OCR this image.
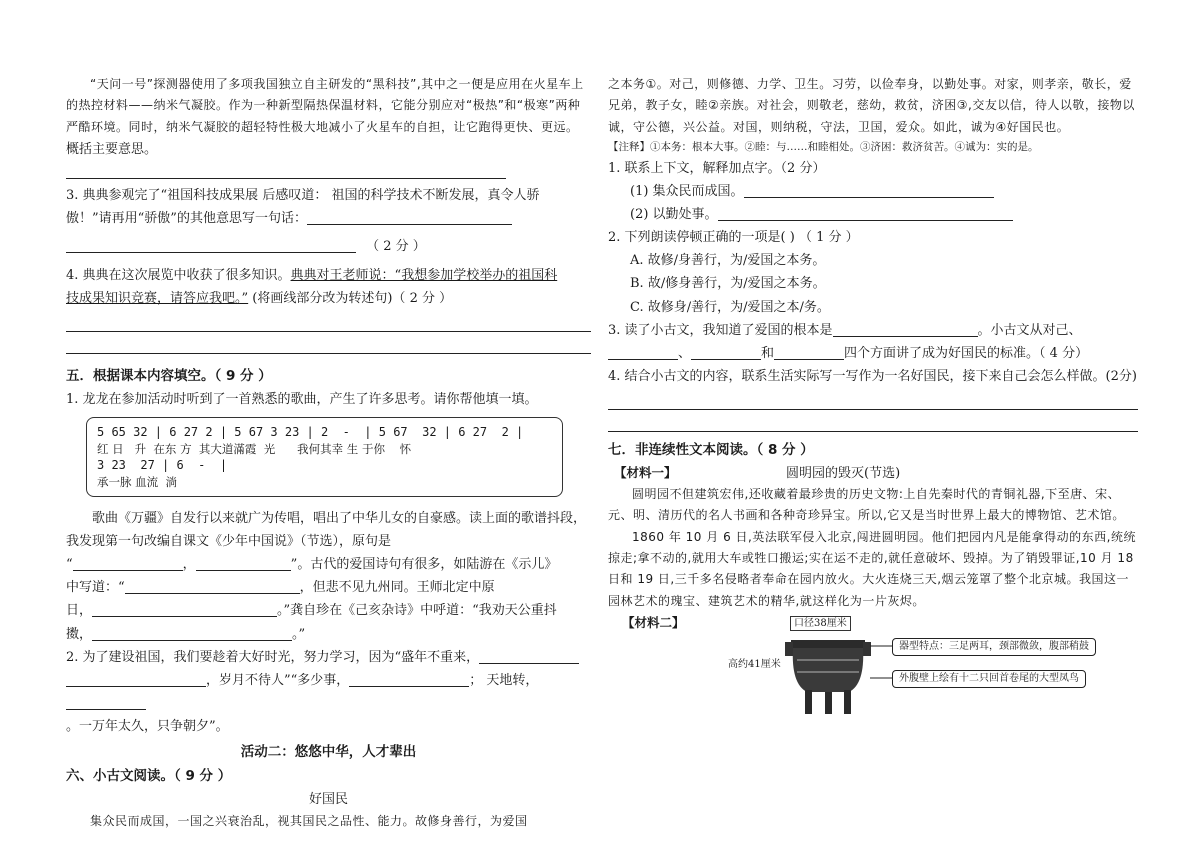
“天问一号”探测器使用了多项我国独立自主研发的“黑科技”,其中之一便是应用在火星车上的热控材料——纳米气凝胶。作为一种新型隔热保温材料，它能分别应对“极热”和“极寒”两种严酷环境。同时，纳米气凝胶的超轻特性极大地减小了火星车的自担，让它跑得更快、更远。

概括主要意思。

3. 典典参观完了“祖国科技成果展 后感叹道： 祖国的科学技术不断发展，真令人骄

傲！”请再用“骄傲”的其他意思写一句话：
（ 2 分 ）

4. 典典在这次展览中收获了很多知识。典典对王老师说：“我想参加学校举办的祖国科
技成果知识竞赛，请答应我吧。” (将画线部分改为转述句)（ 2 分 ）

五．根据课本内容填空。（ 9 分 ）

1. 龙龙在参加活动时听到了一首熟悉的歌曲，产生了许多思考。请你帮他填一填。

5 65 32 | 6 27 2 | 5 67 3 23 | 2  -  | 5 67  32 | 6 27  2 |
红 日   升  在东 方  其大道滿霞  光      我何其幸 生 于你    怀
3 23  27 | 6  -  |
承一脉 血流  淌

歌曲《万疆》自发行以来就广为传唱，唱出了中华儿女的自豪感。读上面的歌谱抖段，我发现第一句改编自课文《少年中国说》（节选），原句是

“	，	”。古代的爱国诗句有很多，如陆游在《示儿》
中写道：“	，但悲不见九州同。王师北定中原
日，	。”龚自珍在《己亥杂诗》中呼道：“我劝天公重抖
擞，	。”
2. 为了建设祖国，我们要趁着大好时光，努力学习，因为“盛年不重来，
，岁月不待人”“多少事，	； 天地转，

。一万年太久，只争朝夕”。

活动二：悠悠中华，人才辈出

六、小古文阅读。（ 9 分 ）

好国民

集众民而成国，一国之兴衰治乱，视其国民之品性、能力。故修身善行，为爱国

之本务①。对己，则修德、力学、卫生。习劳，以俭奉身，以勤处事。对家，则孝亲，敬长，爱兄弟，教子女，睦②亲族。对社会，则敬老，慈幼，救贫，济困③,交友以信，待人以敬，接物以诚，守公德，兴公益。对国，则纳税，守法，卫国，爱众。如此，诚为④好国民也。

【注释】①本务：根本大事。②睦：与……和睦相处。③济困：救济贫苦。④诚为：实的是。

1. 联系上下文，解释加点字。（2 分）

(1) 集众民而成国。
(2) 以勤处事。

2. 下列朗读停顿正确的一项是( ) （ 1 分 ）

A. 故修/身善行，为/爱国之本务。

B. 故/修身善行，为/爱国之本务。

C. 故修身/善行，为/爱国之本/务。

3. 读了小古文，我知道了爱国的根本是	。小古文从对己、
、	和	四个方面讲了成为好国民的标准。（ 4 分）

4. 结合小古文的内容，联系生活实际写一写作为一名好国民，接下来自己会怎么样做。(2分)

七．非连续性文本阅读。（ 8 分 ）

【材料一】	圆明园的毁灭(节选)

圆明园不但建筑宏伟,还收藏着最珍贵的历史文物:上自先秦时代的青铜礼器,下至唐、宋、元、明、清历代的名人书画和各种奇珍异宝。所以,它又是当时世界上最大的博物馆、艺术馆。

1860 年 10 月 6 日,英法联军侵入北京,闯进圆明园。他们把园内凡是能拿得动的东西,统统掠走;拿不动的,就用大车或牲口搬运;实在运不走的,就任意破坏、毁掉。为了销毁罪证,10 月 18 日和 19 日,三千多名侵略者奉命在园内放火。大火连烧三天,烟云笼罩了整个北京城。我国这一园林艺术的瑰宝、建筑艺术的精华,就这样化为一片灰烬。

【材料二】

高约41厘米
口径38厘米
器型特点：三足两耳，颈部微敛，腹部稍鼓
外腹壁上绘有十二只回首卷尾的大型凤鸟
